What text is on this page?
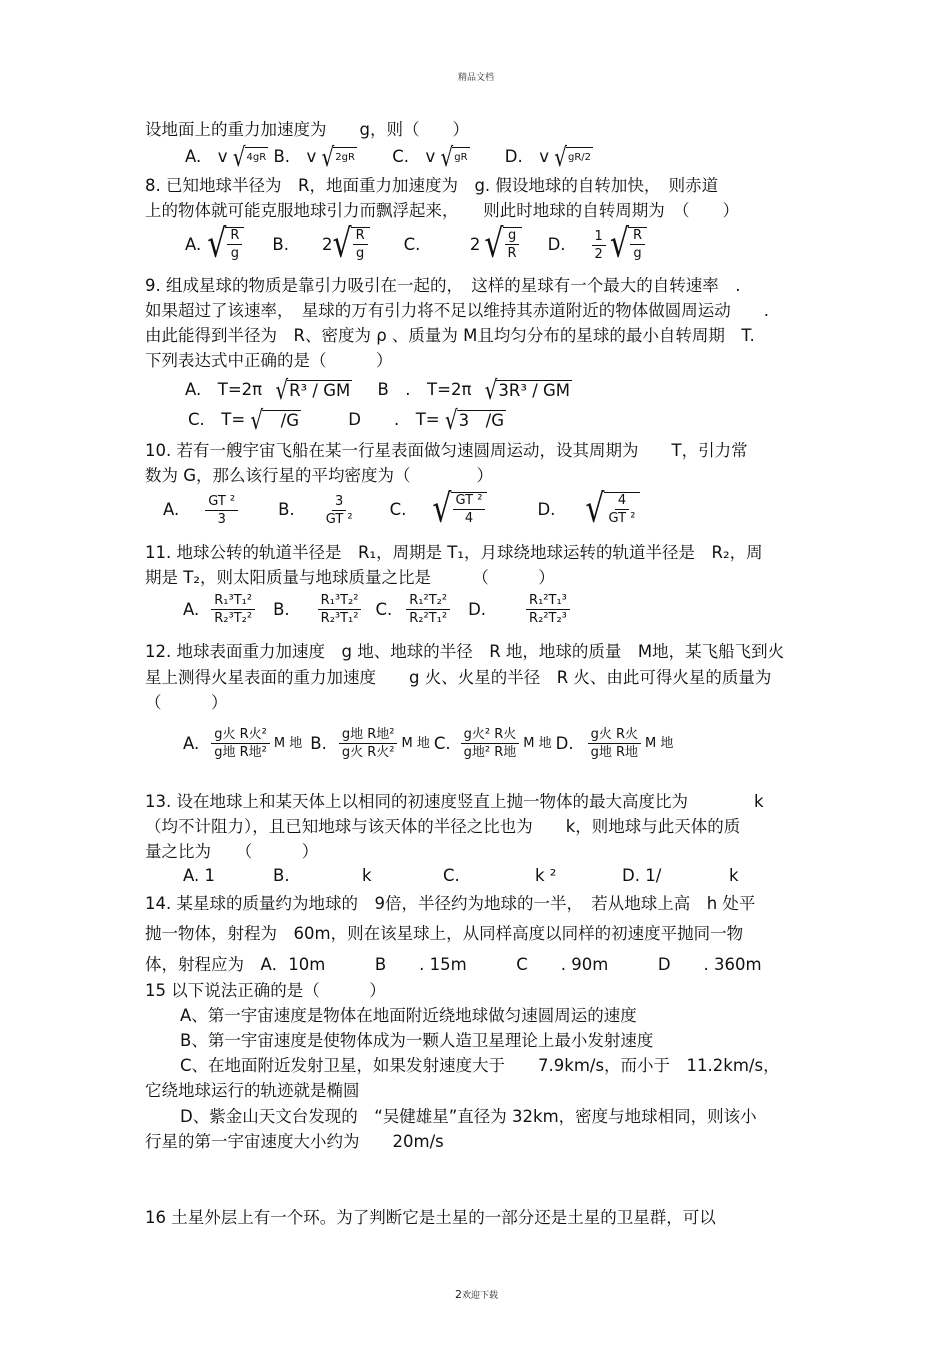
精品文档
2欢迎下载
设地面上的重力加速度为　　g，则（　　）
A.　v √ 4gR B.　v √ 2gR C.　v √ gR D.　v √ gR/2
8. 已知地球半径为　R，地面重力加速度为　g. 假设地球的自转加快，　则赤道
上的物体就可能克服地球引力而飘浮起来，　　则此时地球的自转周期为　（　　）
A. √ $\frac{R}{g} B$.　　2 √ $\frac{R}{g} C$.　　　2 √ $\frac{g}{R} D$. $\frac{1}{2}$ √ $\frac{R}{g}$
9. 组成星球的物质是靠引力吸引在一起的，　这样的星球有一个最大的自转速率　.
如果超过了该速率，　星球的万有引力将不足以维持其赤道附近的物体做圆周运动　　.
由此能得到半径为　R、密度为 ρ 、质量为 M且均匀分布的星球的最小自转周期　T.
下列表达式中正确的是（　　　）
A.　T=2π √ R³ / GM B　.　T=2π √ 3R³ / GM
C.　T= √ 　/G	D　　.　T= √ 3　/G
10. 若有一艘宇宙飞船在某一行星表面做匀速圆周运动，设其周期为　　T，引力常
数为 G，那么该行星的平均密度为（　　　　）
A. $\frac{\text{GT ²}}{3} B$. $\frac{3}{\text{GT ²}} C$. √ $\frac{\text{GT ²}}{4}$	D. √ $\frac{4}{\text{GT ²}}$
11. 地球公转的轨道半径是　R₁，周期是 T₁，月球绕地球运转的轨道半径是　R₂，周
期是 T₂，则太阳质量与地球质量之比是　　　（　　　）
A. $\frac{\text{R₁³T₁²}}{\text{R₂³T₂²}} B$. $\frac{\text{R₁³T₂²}}{\text{R₂³T₁²}} C$. $\frac{\text{R₁²T₂²}}{\text{R₂²T₁²}} D$.	$\frac{\text{R₁²T₁³}}{\text{R₂²T₂³}}$
12. 地球表面重力加速度　g 地、地球的半径　R 地，地球的质量　M地，某飞船飞到火
星上测得火星表面的重力加速度　　g 火、火星的半径　R 火、由此可得火星的质量为
（　　　）
A. $\frac{\text{g火 R火²}}{\text{g地 R地²}}$ M 地 B. $\frac{\text{g地 R地²}}{\text{g火 R火²}}$ M 地 C. $\frac{\text{g火² R火}}{\text{g地² R地}}$ M 地 D. $\frac{\text{g火 R火}}{\text{g地 R地}}$ M 地
13. 设在地球上和某天体上以相同的初速度竖直上抛一物体的最大高度比为　　　　k
（均不计阻力），且已知地球与该天体的半径之比也为　　k，则地球与此天体的质
量之比为　　（　　　）
A. 1	B.	k	C.	k ²	D. 1/	k
14. 某星球的质量约为地球的　9倍，半径约为地球的一半，　若从地球上高　h 处平
抛一物体，射程为　60m，则在该星球上，从同样高度以同样的初速度平抛同一物
体，射程应为　A．10m　　　B　　. 15m　　　C　　. 90m　　　D　　. 360m
15 以下说法正确的是（　　　）
A、第一宇宙速度是物体在地面附近绕地球做匀速圆周运的速度
B、第一宇宙速度是使物体成为一颗人造卫星理论上最小发射速度
C、在地面附近发射卫星，如果发射速度大于　　7.9km/s，而小于　11.2km/s，
它绕地球运行的轨迹就是椭圆
D、紫金山天文台发现的　“吴健雄星”直径为 32km，密度与地球相同，则该小
行星的第一宇宙速度大小约为　　20m/s
16 土星外层上有一个环。为了判断它是土星的一部分还是土星的卫星群，可以
